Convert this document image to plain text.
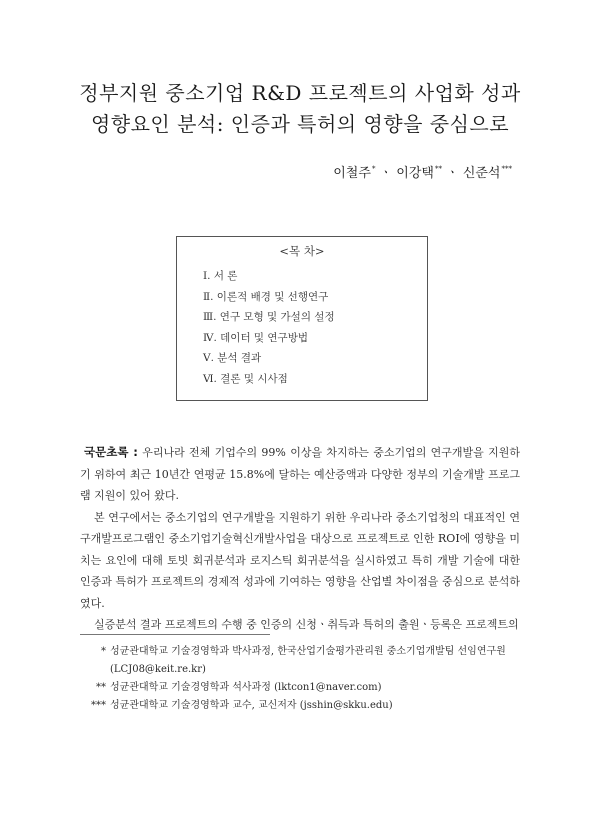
정부지원 중소기업 R&D 프로젝트의 사업화 성과
영향요인 분석: 인증과 특허의 영향을 중심으로
이철주* ㆍ 이강택** ㆍ 신준석***
<목 차>
Ⅰ. 서 론
Ⅱ. 이론적 배경 및 선행연구
Ⅲ. 연구 모형 및 가설의 설정
Ⅳ. 데이터 및 연구방법
Ⅴ. 분석 결과
Ⅵ. 결론 및 시사점

국문초록 : 우리나라 전체 기업수의 99% 이상을 차지하는 중소기업의 연구개발을 지원하기 위하여 최근 10년간 연평균 15.8%에 달하는 예산증액과 다양한 정부의 기술개발 프로그램 지원이 있어 왔다.

본 연구에서는 중소기업의 연구개발을 지원하기 위한 우리나라 중소기업청의 대표적인 연구개발프로그램인 중소기업기술혁신개발사업을 대상으로 프로젝트로 인한 ROI에 영향을 미치는 요인에 대해 토빗 회귀분석과 로지스틱 회귀분석을 실시하였고 특히 개발 기술에 대한 인증과 특허가 프로젝트의 경제적 성과에 기여하는 영향을 산업별 차이점을 중심으로 분석하였다.

실증분석 결과 프로젝트의 수행 중 인증의 신청ㆍ취득과 특허의 출원ㆍ등록은 프로젝트의

* 성균관대학교 기술경영학과 박사과정, 한국산업기술평가관리원 중소기업개발팀 선임연구원
(LCJ08@keit.re.kr)
** 성균관대학교 기술경영학과 석사과정 (lktcon1@naver.com)
*** 성균관대학교 기술경영학과 교수, 교신저자 (jsshin@skku.edu)
